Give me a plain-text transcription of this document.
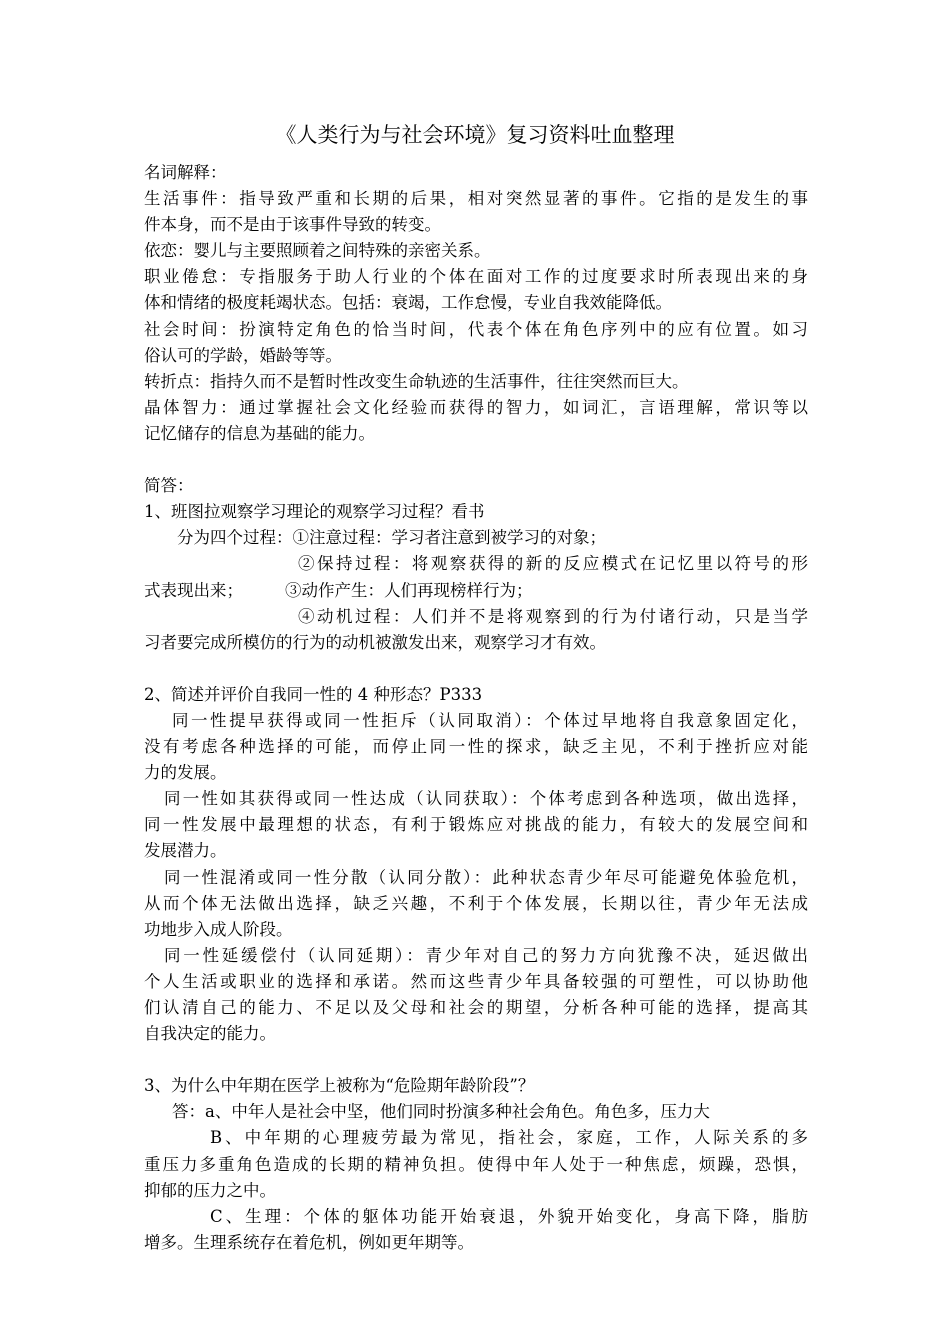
《人类行为与社会环境》复习资料吐血整理
名词解释：
生活事件：指导致严重和长期的后果，相对突然显著的事件。它指的是发生的事
件本身，而不是由于该事件导致的转变。
依恋：婴儿与主要照顾着之间特殊的亲密关系。
职业倦怠：专指服务于助人行业的个体在面对工作的过度要求时所表现出来的身
体和情绪的极度耗竭状态。包括：衰竭，工作怠慢，专业自我效能降低。
社会时间：扮演特定角色的恰当时间，代表个体在角色序列中的应有位置。如习
俗认可的学龄，婚龄等等。
转折点：指持久而不是暂时性改变生命轨迹的生活事件，往往突然而巨大。
晶体智力：通过掌握社会文化经验而获得的智力，如词汇，言语理解，常识等以
记忆储存的信息为基础的能力。
简答：
1、班图拉观察学习理论的观察学习过程？看书
分为四个过程：①注意过程：学习者注意到被学习的对象；
②保持过程：将观察获得的新的反应模式在记忆里以符号的形
式表现出来；        ③动作产生：人们再现榜样行为；
④动机过程：人们并不是将观察到的行为付诸行动，只是当学
习者要完成所模仿的行为的动机被激发出来，观察学习才有效。
2、简述并评价自我同一性的 4 种形态？P333
同一性提早获得或同一性拒斥（认同取消）：个体过早地将自我意象固定化，
没有考虑各种选择的可能，而停止同一性的探求，缺乏主见，不利于挫折应对能
力的发展。
同一性如其获得或同一性达成（认同获取）：个体考虑到各种选项，做出选择，
同一性发展中最理想的状态，有利于锻炼应对挑战的能力，有较大的发展空间和
发展潜力。
同一性混淆或同一性分散（认同分散）：此种状态青少年尽可能避免体验危机，
从而个体无法做出选择，缺乏兴趣，不利于个体发展，长期以往，青少年无法成
功地步入成人阶段。
同一性延缓偿付（认同延期）：青少年对自己的努力方向犹豫不决，延迟做出
个人生活或职业的选择和承诺。然而这些青少年具备较强的可塑性，可以协助他
们认清自己的能力、不足以及父母和社会的期望，分析各种可能的选择，提高其
自我决定的能力。
3、为什么中年期在医学上被称为“危险期年龄阶段”？
答：a、中年人是社会中坚，他们同时扮演多种社会角色。角色多，压力大
B、中年期的心理疲劳最为常见，指社会，家庭，工作，人际关系的多
重压力多重角色造成的长期的精神负担。使得中年人处于一种焦虑，烦躁，恐惧，
抑郁的压力之中。
C、生理：个体的躯体功能开始衰退，外貌开始变化，身高下降，脂肪
增多。生理系统存在着危机，例如更年期等。
